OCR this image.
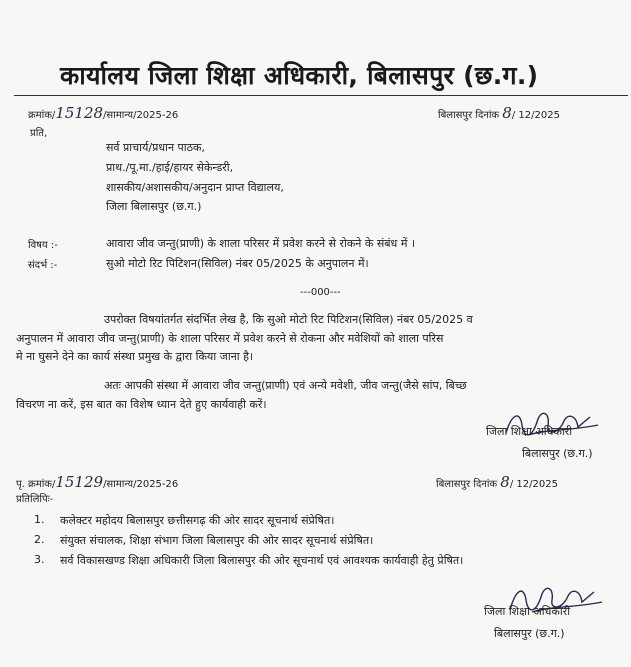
कार्यालय जिला शिक्षा अधिकारी, बिलासपुर (छ.ग.)
क्रमांक/15128/सामान्य/2025-26	बिलासपुर दिनांक 8/ 12/2025
प्रति,
सर्व प्राचार्य/प्रधान पाठक,
प्राथ./पू.मा./हाई/हायर सेकेन्डरी,
शासकीय/अशासकीय/अनुदान प्राप्त विद्यालय,
जिला बिलासपुर (छ.ग.)
विषय :-	आवारा जीव जन्तु(प्राणी) के शाला परिसर में प्रवेश करने से रोकने के संबंध में ।
संदर्भ :-	सुओ मोटो रिट पिटिशन(सिविल) नंबर 05/2025 के अनुपालन में।
---000---
उपरोक्त विषयांतर्गत संदर्भित लेख है, कि सुओ मोटो रिट पिटिशन(सिविल) नंबर 05/2025 व
अनुपालन में आवारा जीव जन्तु(प्राणी) के शाला परिसर में प्रवेश करने से रोकना और मवेशियों को शाला परिस
मे ना घुसने देने का कार्य संस्था प्रमुख के द्वारा किया जाना है।
अतः आपकी संस्था में आवारा जीव जन्तु(प्राणी) एवं अन्ये मवेशी, जीव जन्तु(जैसे सांप, बिच्छ
विचरण ना करें, इस बात का विशेष ध्यान देते हुए कार्यवाही करें।
जिला शिक्षा अधिकारी
बिलासपुर (छ.ग.)
पृ. क्रमांक/15129/सामान्य/2025-26	बिलासपुर दिनांक 8/ 12/2025
प्रतिलिपिः-
1. कलेक्टर महोदय बिलासपुर छत्तीसगढ़ की ओर सादर सूचनार्थ संप्रेषित।
2. संयुक्त संचालक, शिक्षा संभाग जिला बिलासपुर की ओर सादर सूचनार्थ संप्रेषित।
3. सर्व विकासखण्ड शिक्षा अधिकारी जिला बिलासपुर की ओर सूचनार्थ एवं आवश्यक कार्यवाही हेतु प्रेषित।
जिला शिक्षा अधिकारी
बिलासपुर (छ.ग.)
